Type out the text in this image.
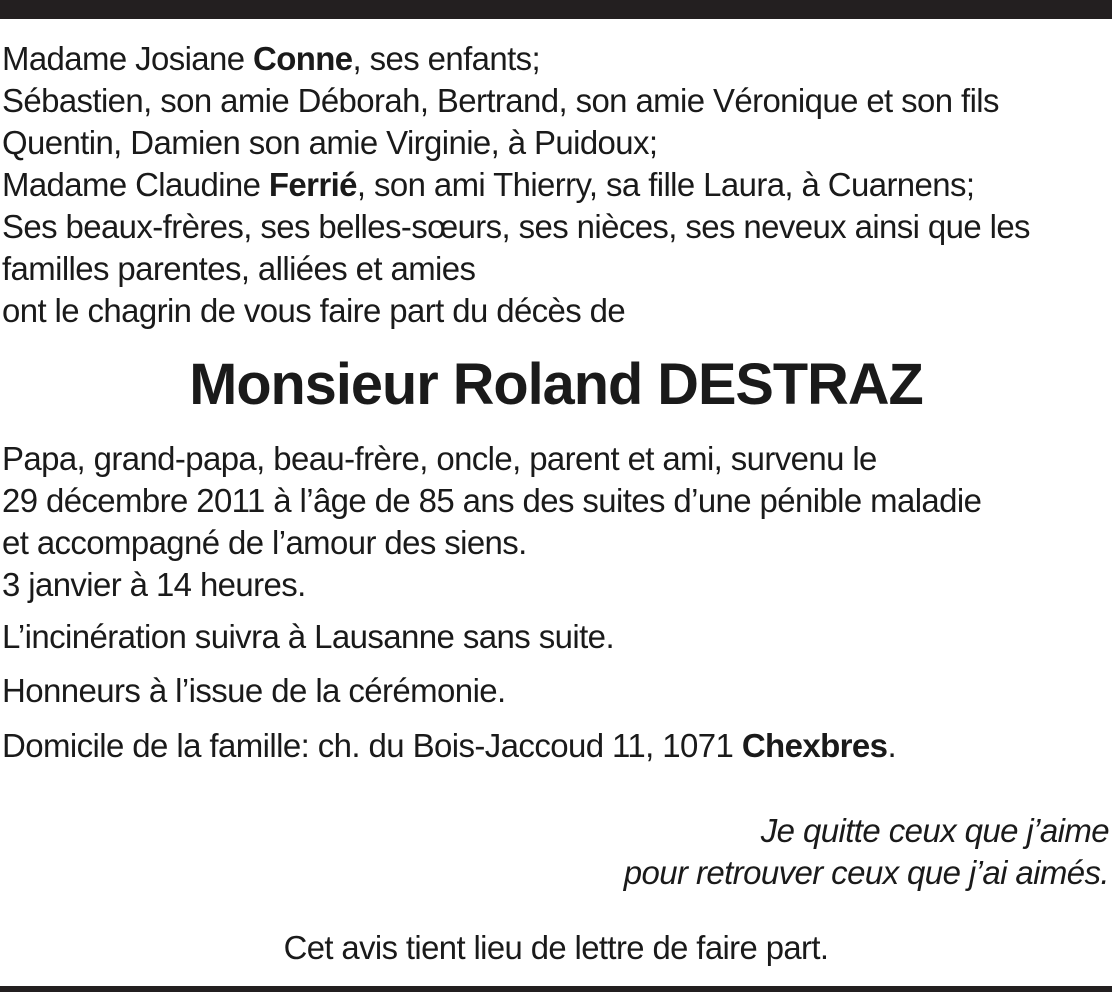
Madame Josiane Conne, ses enfants;
Sébastien, son amie Déborah, Bertrand, son amie Véronique et son fils
Quentin, Damien son amie Virginie, à Puidoux;
Madame Claudine Ferrié, son ami Thierry, sa fille Laura, à Cuarnens;
Ses beaux-frères, ses belles-sœurs, ses nièces, ses neveux ainsi que les
familles parentes, alliées et amies
ont le chagrin de vous faire part du décès de
Monsieur Roland DESTRAZ
Papa, grand-papa, beau-frère, oncle, parent et ami, survenu le
29 décembre 2011 à l’âge de 85 ans des suites d’une pénible maladie
et accompagné de l’amour des siens.
3 janvier à 14 heures.
L’incinération suivra à Lausanne sans suite.
Honneurs à l’issue de la cérémonie.
Domicile de la famille: ch. du Bois-Jaccoud 11, 1071 Chexbres.
Je quitte ceux que j’aime
pour retrouver ceux que j’ai aimés.
Cet avis tient lieu de lettre de faire part.
